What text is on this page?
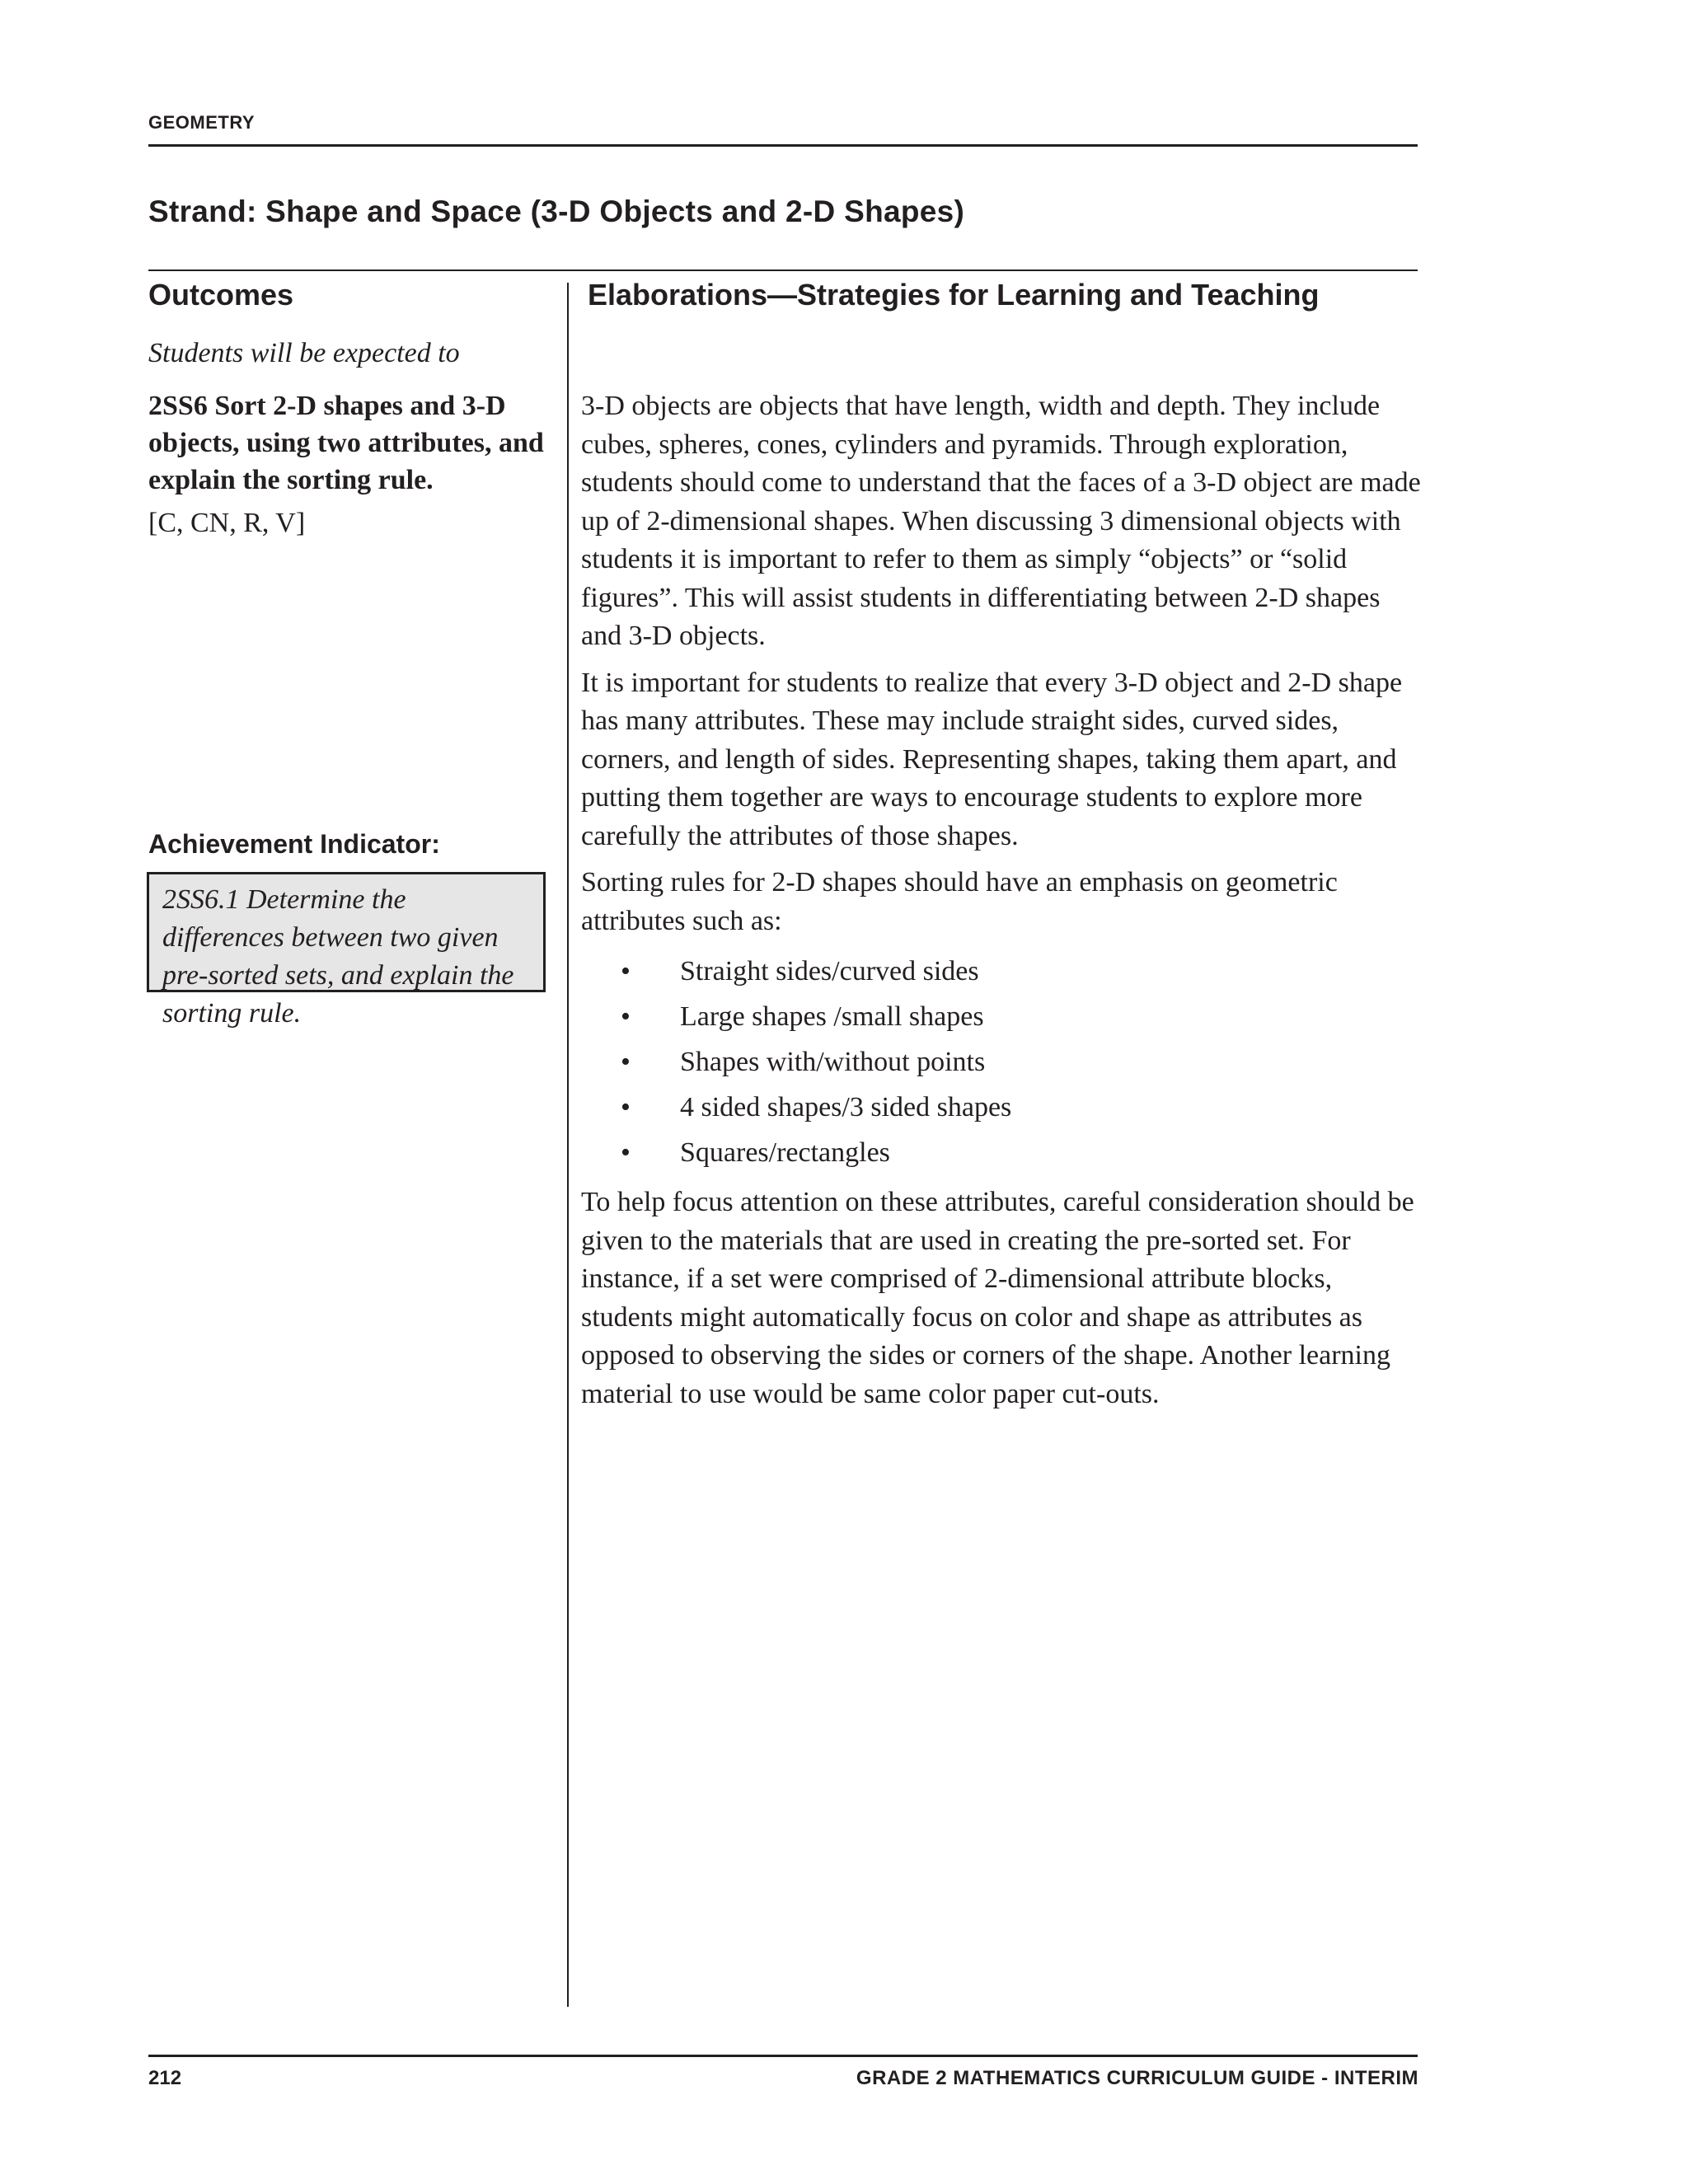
GEOMETRY
Strand: Shape and Space (3-D Objects and 2-D Shapes)
Outcomes	Elaborations—Strategies for Learning and Teaching
Students will be expected to
2SS6 Sort 2-D shapes and 3-D objects, using two attributes, and explain the sorting rule.
[C, CN, R, V]
Achievement Indicator:
2SS6.1 Determine the differences between two given pre-sorted sets, and explain the sorting rule.

3-D objects are objects that have length, width and depth. They include cubes, spheres, cones, cylinders and pyramids. Through exploration, students should come to understand that the faces of a 3-D object are made up of 2-dimensional shapes. When discussing 3 dimensional objects with students it is important to refer to them as simply “objects” or “solid figures”. This will assist students in differentiating between 2-D shapes and 3-D objects.

It is important for students to realize that every 3-D object and 2-D shape has many attributes. These may include straight sides, curved sides, corners, and length of sides. Representing shapes, taking them apart, and putting them together are ways to encourage students to explore more carefully the attributes of those shapes.

Sorting rules for 2-D shapes should have an emphasis on geometric attributes such as:

• Straight sides/curved sides
• Large shapes /small shapes
• Shapes with/without points
• 4 sided shapes/3 sided shapes
• Squares/rectangles

To help focus attention on these attributes, careful consideration should be given to the materials that are used in creating the pre-sorted set. For instance, if a set were comprised of 2-dimensional attribute blocks, students might automatically focus on color and shape as attributes as opposed to observing the sides or corners of the shape. Another learning material to use would be same color paper cut-outs.

212	GRADE 2 MATHEMATICS CURRICULUM GUIDE - INTERIM
